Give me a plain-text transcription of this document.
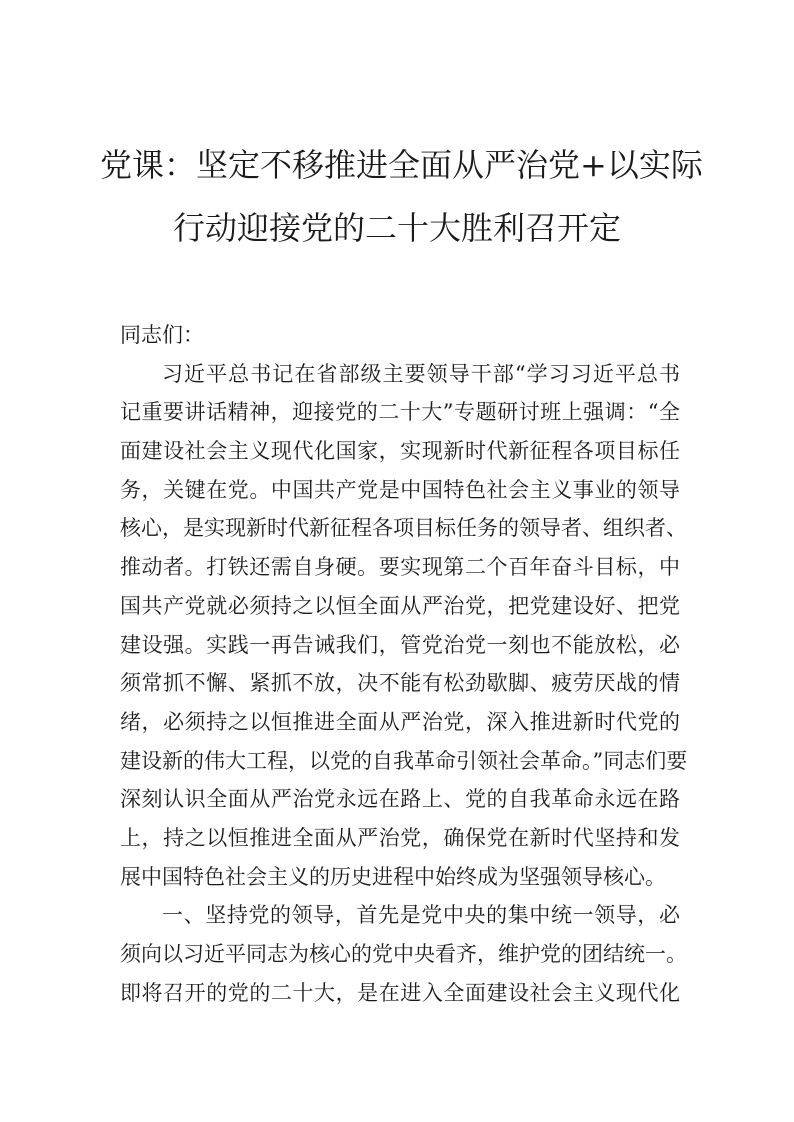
党课：坚定不移推进全面从严治党+以实际
行动迎接党的二十大胜利召开定
同志们：
习近平总书记在省部级主要领导干部“学习习近平总书
记重要讲话精神，迎接党的二十大”专题研讨班上强调：“全
面建设社会主义现代化国家，实现新时代新征程各项目标任
务，关键在党。中国共产党是中国特色社会主义事业的领导
核心，是实现新时代新征程各项目标任务的领导者、组织者、
推动者。打铁还需自身硬。要实现第二个百年奋斗目标，中
国共产党就必须持之以恒全面从严治党，把党建设好、把党
建设强。实践一再告诫我们，管党治党一刻也不能放松，必
须常抓不懈、紧抓不放，决不能有松劲歇脚、疲劳厌战的情
绪，必须持之以恒推进全面从严治党，深入推进新时代党的
建设新的伟大工程，以党的自我革命引领社会革命。”同志们要
深刻认识全面从严治党永远在路上、党的自我革命永远在路
上，持之以恒推进全面从严治党，确保党在新时代坚持和发
展中国特色社会主义的历史进程中始终成为坚强领导核心。
一、坚持党的领导，首先是党中央的集中统一领导，必
须向以习近平同志为核心的党中央看齐，维护党的团结统一。
即将召开的党的二十大，是在进入全面建设社会主义现代化
